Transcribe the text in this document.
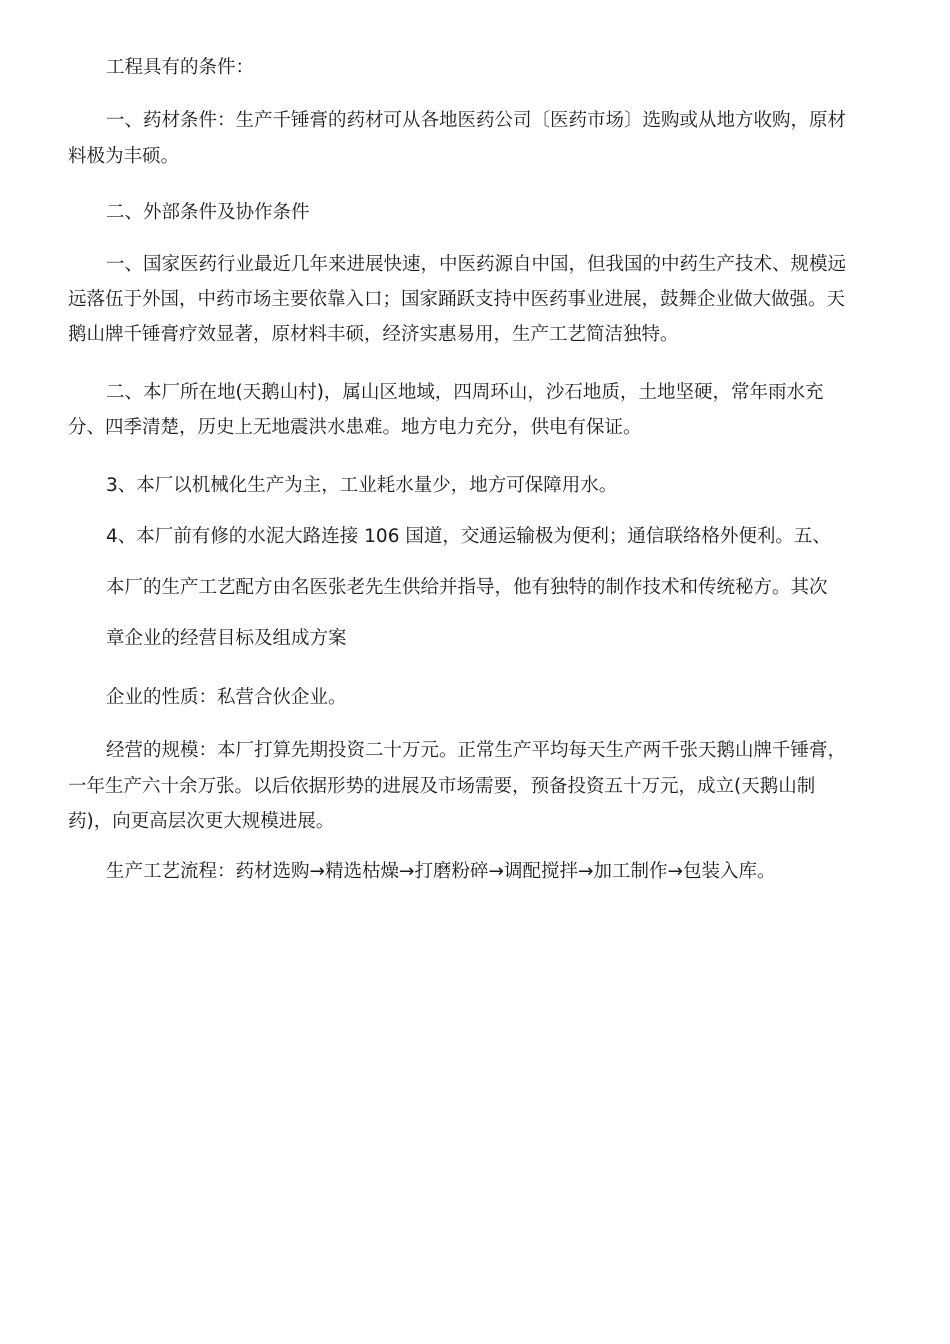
工程具有的条件：

一、药材条件：生产千锤膏的药材可从各地医药公司〔医药市场〕选购或从地方收购，原材

料极为丰硕。

二、外部条件及协作条件

一、国家医药行业最近几年来进展快速，中医药源自中国，但我国的中药生产技术、规模远

远落伍于外国，中药市场主要依靠入口；国家踊跃支持中医药事业进展，鼓舞企业做大做强。天

鹅山牌千锤膏疗效显著，原材料丰硕，经济实惠易用，生产工艺简洁独特。

二、本厂所在地(天鹅山村)，属山区地域，四周环山，沙石地质，土地坚硬，常年雨水充

分、四季清楚，历史上无地震洪水患难。地方电力充分，供电有保证。

3、本厂以机械化生产为主，工业耗水量少，地方可保障用水。

4、本厂前有修的水泥大路连接 106 国道，交通运输极为便利；通信联络格外便利。五、

本厂的生产工艺配方由名医张老先生供给并指导，他有独特的制作技术和传统秘方。其次

章企业的经营目标及组成方案

企业的性质：私营合伙企业。

经营的规模：本厂打算先期投资二十万元。正常生产平均每天生产两千张天鹅山牌千锤膏，

一年生产六十余万张。以后依据形势的进展及市场需要，预备投资五十万元，成立(天鹅山制

药)，向更高层次更大规模进展。

生产工艺流程：药材选购→精选枯燥→打磨粉碎→调配搅拌→加工制作→包装入库。
